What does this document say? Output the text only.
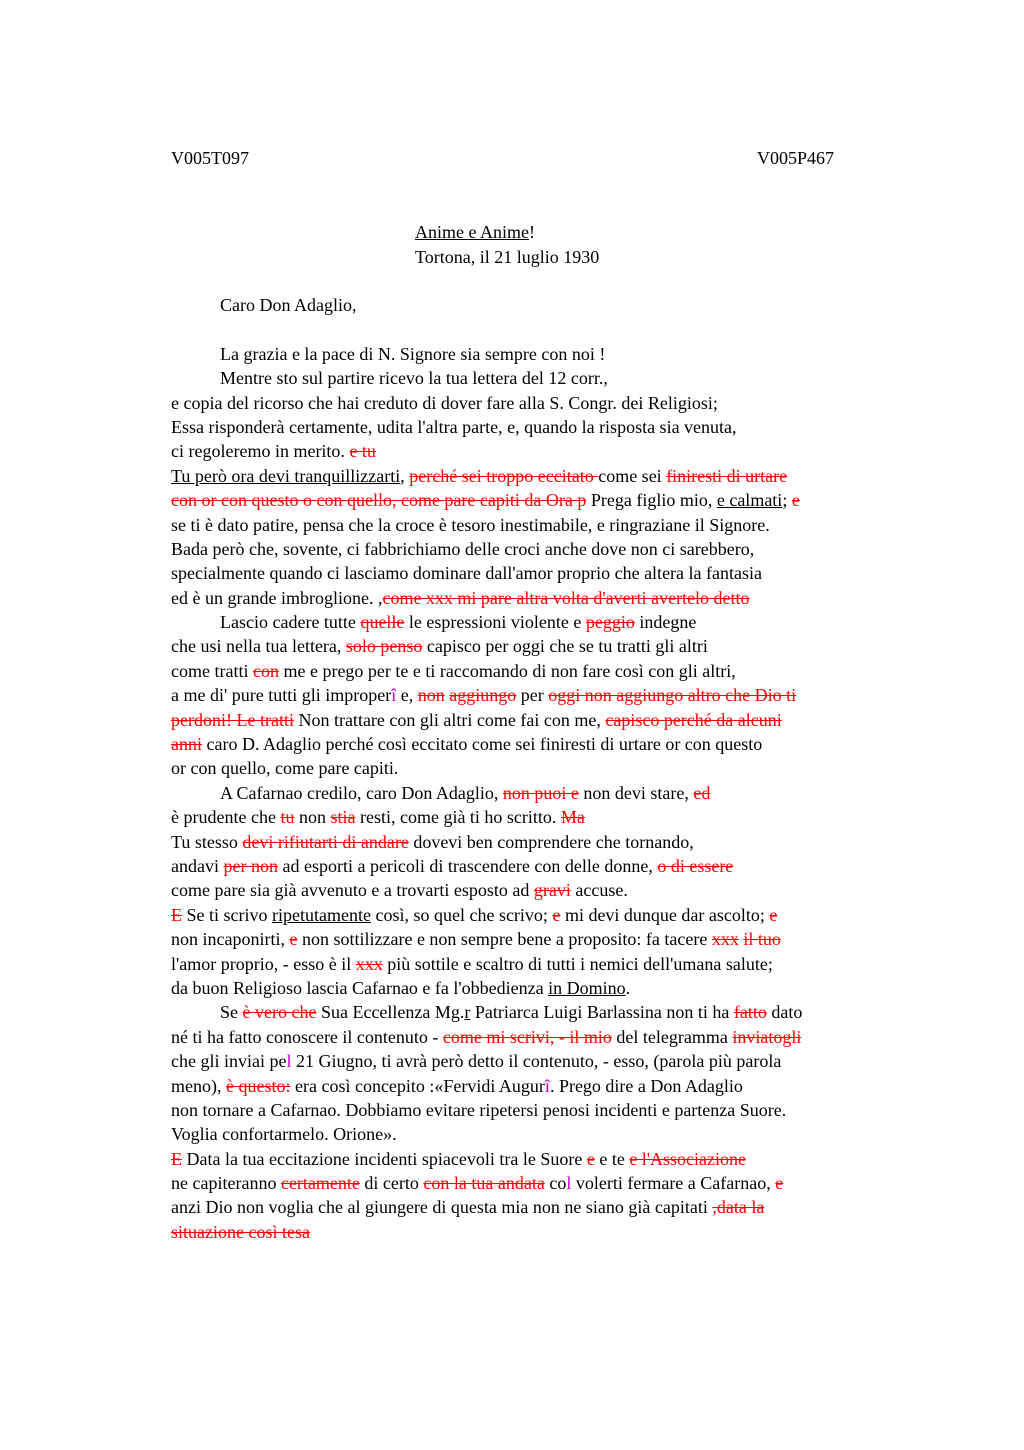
V005T097	V005P467
Anime e Anime!
Tortona, il 21 luglio 1930
Caro Don Adaglio,
La grazia e la pace di N. Signore sia sempre con noi !
Mentre sto sul partire ricevo la tua lettera del 12 corr.,
e copia del ricorso che hai creduto di dover fare alla S. Congr. dei Religiosi;
Essa risponderà certamente, udita l'altra parte, e, quando la risposta sia venuta,
ci regoleremo in merito. e tu
Tu però ora devi tranquillizzarti, perché sei troppo eccitato come sei finiresti di urtare
con or con questo o con quello, come pare capiti da Ora p Prega figlio mio, e calmati; e
se ti è dato patire, pensa che la croce è tesoro inestimabile, e ringraziane il Signore.
Bada però che, sovente, ci fabbrichiamo delle croci anche dove non ci sarebbero,
specialmente quando ci lasciamo dominare dall'amor proprio che altera la fantasia
ed è un grande imbroglione. ,come xxx mi pare altra volta d'averti avertelo detto
Lascio cadere tutte quelle le espressioni violente e peggio indegne
che usi nella tua lettera, solo penso capisco per oggi che se tu tratti gli altri
come tratti con me e prego per te e ti raccomando di non fare così con gli altri,
a me di' pure tutti gli improperî e, non aggiungo per oggi non aggiungo altro che Dio ti
perdoni! Le tratti Non trattare con gli altri come fai con me, capisco perché da alcuni
anni caro D. Adaglio perché così eccitato come sei finiresti di urtare or con questo
or con quello, come pare capiti.
A Cafarnao credilo, caro Don Adaglio, non puoi e non devi stare, ed
è prudente che tu non stia resti, come già ti ho scritto. Ma
Tu stesso devi rifiutarti di andare dovevi ben comprendere che tornando,
andavi per non ad esporti a pericoli di trascendere con delle donne, o di essere
come pare sia già avvenuto e a trovarti esposto ad gravi accuse.
E Se ti scrivo ripetutamente così, so quel che scrivo; e mi devi dunque dar ascolto; e
non incaponirti, e non sottilizzare e non sempre bene a proposito: fa tacere xxx il tuo
l'amor proprio, - esso è il xxx più sottile e scaltro di tutti i nemici dell'umana salute;
da buon Religioso lascia Cafarnao e fa l'obbedienza in Domino.
Se è vero che Sua Eccellenza Mg.r Patriarca Luigi Barlassina non ti ha fatto dato
né ti ha fatto conoscere il contenuto - come mi scrivi, - il mio del telegramma inviatogli
che gli inviai pel 21 Giugno, ti avrà però detto il contenuto, - esso, (parola più parola
meno), è questo: era così concepito :«Fervidi Augurî. Prego dire a Don Adaglio
non tornare a Cafarnao. Dobbiamo evitare ripetersi penosi incidenti e partenza Suore.
Voglia confortarmelo. Orione».
E Data la tua eccitazione incidenti spiacevoli tra le Suore e e te e l'Associazione
ne capiteranno certamente di certo con la tua andata col volerti fermare a Cafarnao, e
anzi Dio non voglia che al giungere di questa mia non ne siano già capitati ,data la
situazione così tesa
